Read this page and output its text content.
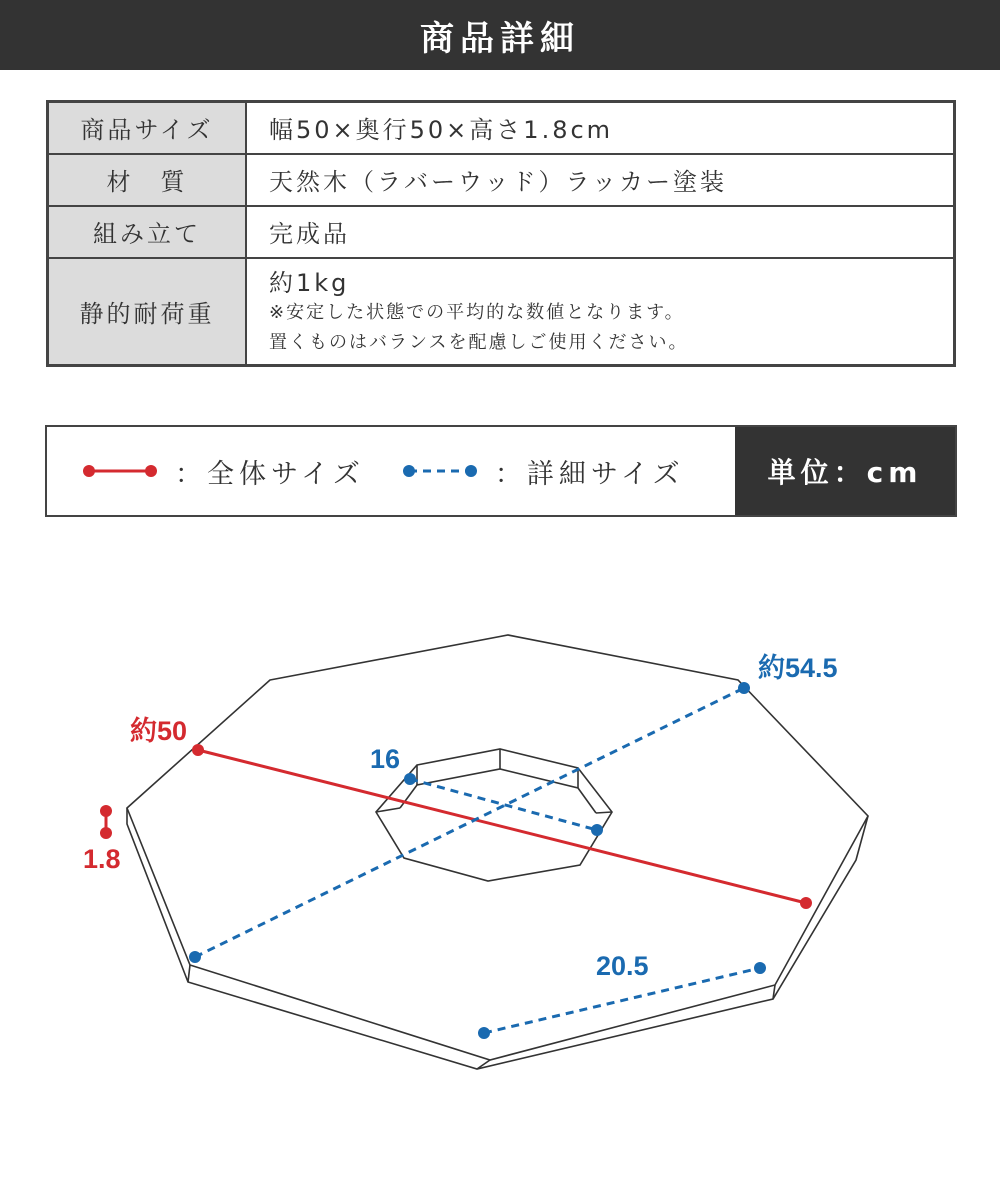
商品詳細
商品サイズ	幅50×奥行50×高さ1.8cm
材　質	天然木（ラバーウッド）ラッカー塗装
組み立て	完成品
静的耐荷重	約1kg
※安定した状態での平均的な数値となります。
置くものはバランスを配慮しご使用ください。
：全体サイズ	：詳細サイズ	単位：cm
約50
1.8
約54.5
16
20.5
